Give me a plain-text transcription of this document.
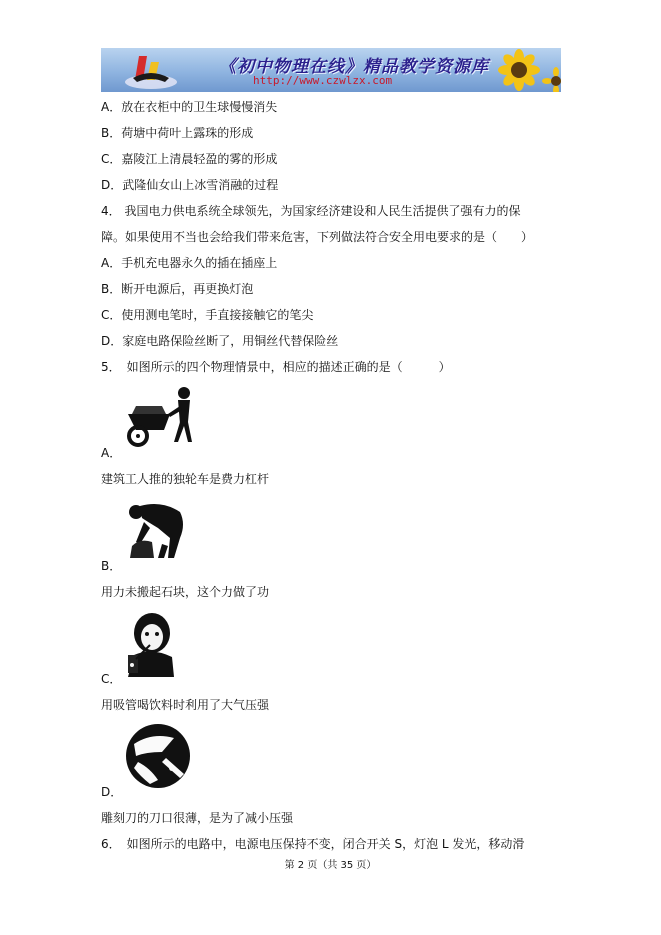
《初中物理在线》精品教学资源库
http://www.czwlzx.com
A．放在衣柜中的卫生球慢慢消失
B．荷塘中荷叶上露珠的形成
C．嘉陵江上清晨轻盈的雾的形成
D．武隆仙女山上冰雪消融的过程
4． 我国电力供电系统全球领先，为国家经济建设和人民生活提供了强有力的保
障。如果使用不当也会给我们带来危害，下列做法符合安全用电要求的是（　　）
A．手机充电器永久的插在插座上
B．断开电源后，再更换灯泡
C．使用测电笔时，手直接接触它的笔尖
D．家庭电路保险丝断了，用铜丝代替保险丝
5．　如图所示的四个物理情景中，相应的描述正确的是（　　　）
A．
建筑工人推的独轮车是费力杠杆
B．
用力未搬起石块，这个力做了功
C．
用吸管喝饮料时利用了大气压强
D．
雕刻刀的刀口很薄，是为了减小压强
6．　如图所示的电路中，电源电压保持不变，闭合开关 S，灯泡 L 发光，移动滑
第 2 页（共 35 页）
